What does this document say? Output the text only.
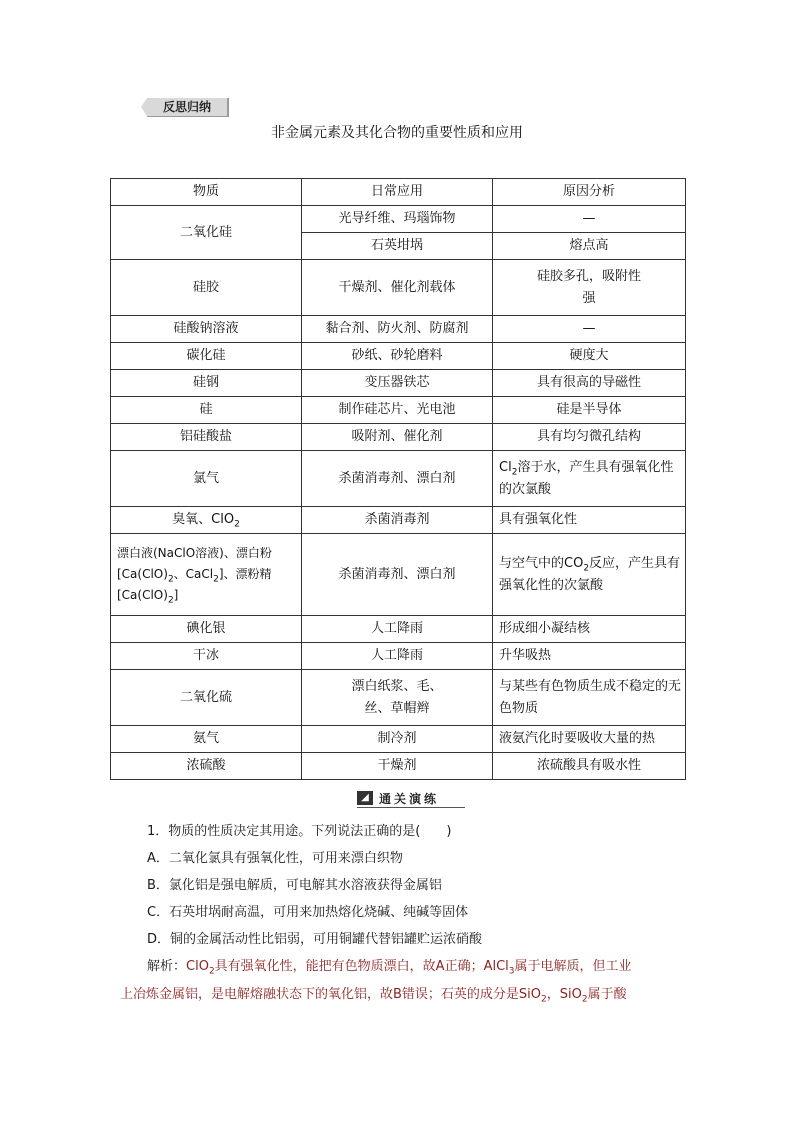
反思归纳
非金属元素及其化合物的重要性质和应用
物质	日常应用	原因分析
二氧化硅	光导纤维、玛瑙饰物	—
	石英坩埚	熔点高
硅胶	干燥剂、催化剂载体	硅胶多孔，吸附性强
硅酸钠溶液	黏合剂、防火剂、防腐剂	—
碳化硅	砂纸、砂轮磨料	硬度大
硅钢	变压器铁芯	具有很高的导磁性
硅	制作硅芯片、光电池	硅是半导体
铝硅酸盐	吸附剂、催化剂	具有均匀微孔结构
氯气	杀菌消毒剂、漂白剂	$Cl_2$溶于水，产生具有强氧化性的次氯酸
臭氧、ClO$_2$	杀菌消毒剂	具有强氧化性
漂白液(NaClO溶液)、漂白粉[$Ca(ClO)_2$、CaCl$_2$]、漂粉精$[Ca(ClO)_2]$	杀菌消毒剂、漂白剂	与空气中的$CO_2$反应，产生具有强氧化性的次氯酸
碘化银	人工降雨	形成细小凝结核
干冰	人工降雨	升华吸热
二氧化硫	漂白纸浆、毛、丝、草帽辫	与某些有色物质生成不稳定的无色物质
氨气	制冷剂	液氨汽化时要吸收大量的热
浓硫酸	干燥剂	浓硫酸具有吸水性
◢ 通关演练
1．物质的性质决定其用途。下列说法正确的是(　　)
A．二氧化氯具有强氧化性，可用来漂白织物
B．氯化铝是强电解质，可电解其水溶液获得金属铝
C．石英坩埚耐高温，可用来加热熔化烧碱、纯碱等固体
D．铜的金属活动性比铝弱，可用铜罐代替铝罐贮运浓硝酸
解析：ClO$_2$具有强氧化性，能把有色物质漂白，故A正确；AlCl$_3$属于电解质，但工业
上冶炼金属铝，是电解熔融状态下的氧化铝，故B错误；石英的成分是SiO$_2$，SiO$_2$属于酸
